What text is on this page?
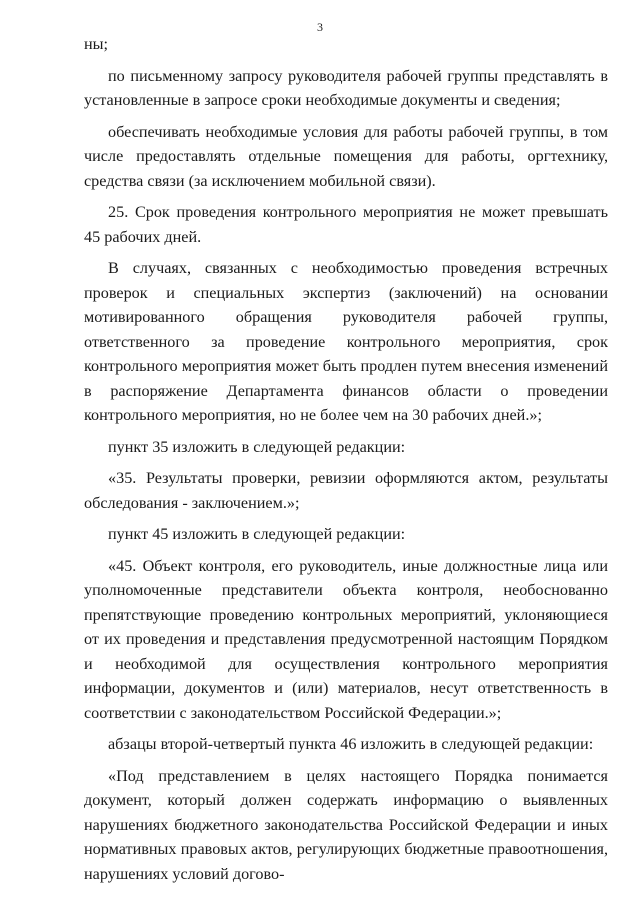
3

ны;

по письменному запросу руководителя рабочей группы представлять в установленные в запросе сроки необходимые документы и сведения;

обеспечивать необходимые условия для работы рабочей группы, в том числе предоставлять отдельные помещения для работы, оргтехнику, средства связи (за исключением мобильной связи).

25. Срок проведения контрольного мероприятия не может превышать 45 рабочих дней.

В случаях, связанных с необходимостью проведения встречных проверок и специальных экспертиз (заключений) на основании мотивированного обращения руководителя рабочей группы, ответственного за проведение контрольного мероприятия, срок контрольного мероприятия может быть продлен путем внесения изменений в распоряжение Департамента финансов области о проведении контрольного мероприятия, но не более чем на 30 рабочих дней.»;

пункт 35 изложить в следующей редакции:

«35. Результаты проверки, ревизии оформляются актом, результаты обследования - заключением.»;

пункт 45 изложить в следующей редакции:

«45. Объект контроля, его руководитель, иные должностные лица или уполномоченные представители объекта контроля, необоснованно препятствующие проведению контрольных мероприятий, уклоняющиеся от их проведения и представления предусмотренной настоящим Порядком и необходимой для осуществления контрольного мероприятия информации, документов и (или) материалов, несут ответственность в соответствии с законодательством Российской Федерации.»;

абзацы второй-четвертый пункта 46 изложить в следующей редакции:

«Под представлением в целях настоящего Порядка понимается документ, который должен содержать информацию о выявленных нарушениях бюджетного законодательства Российской Федерации и иных нормативных правовых актов, регулирующих бюджетные правоотношения, нарушениях условий догово-
